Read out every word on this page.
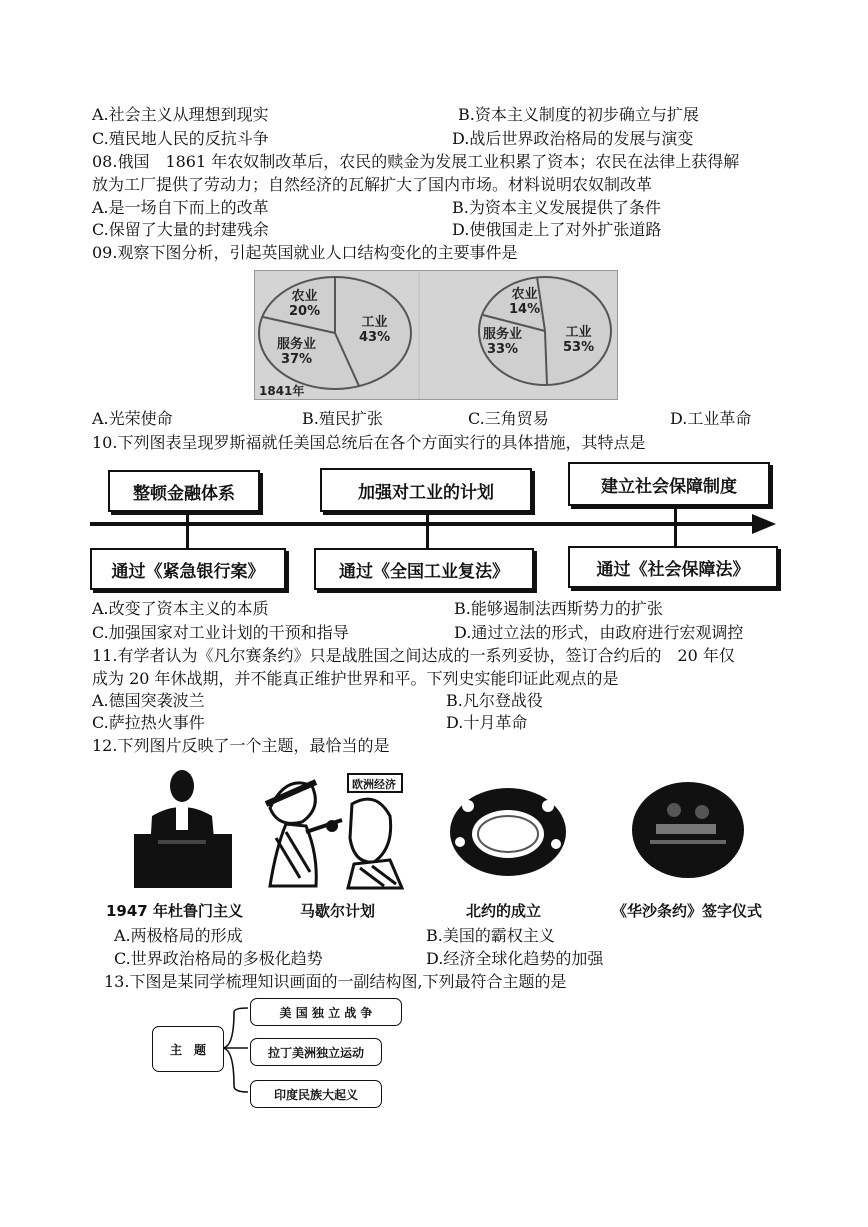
A.社会主义从理想到现实	B.资本主义制度的初步确立与扩展
C.殖民地人民的反抗斗争	D.战后世界政治格局的发展与演变
08.俄国　1861 年农奴制改革后，农民的赎金为发展工业积累了资本；农民在法律上获得解
放为工厂提供了劳动力；自然经济的瓦解扩大了国内市场。材料说明农奴制改革
A.是一场自下而上的改革	B.为资本主义发展提供了条件
C.保留了大量的封建残余	D.使俄国走上了对外扩张道路
09.观察下图分析，引起英国就业人口结构变化的主要事件是
农业
20%
服务业
37%
工业
43%
1841年
农业
14%
服务业
33%
工业
53%
A.光荣使命	B.殖民扩张	C.三角贸易	D.工业革命
10.下列图表呈现罗斯福就任美国总统后在各个方面实行的具体措施，其特点是
整顿金融体系	加强对工业的计划	建立社会保障制度
通过《紧急银行案》	通过《全国工业复法》	通过《社会保障法》
A.改变了资本主义的本质	B.能够遏制法西斯势力的扩张
C.加强国家对工业计划的干预和指导	D.通过立法的形式，由政府进行宏观调控
11.有学者认为《凡尔赛条约》只是战胜国之间达成的一系列妥协，签订合约后的　20 年仅
成为 20 年休战期，并不能真正维护世界和平。下列史实能印证此观点的是
A.德国突袭波兰	B.凡尔登战役
C.萨拉热火事件	D.十月革命
12.下列图片反映了一个主题，最恰当的是
欧洲经济
1947 年杜鲁门主义	马歇尔计划	北约的成立	《华沙条约》签字仪式
A.两极格局的形成	B.美国的霸权主义
C.世界政治格局的多极化趋势	D.经济全球化趋势的加强
13.下图是某同学梳理知识画面的一副结构图,下列最符合主题的是
主　题
美 国 独 立 战 争
拉丁美洲独立运动
印度民族大起义
